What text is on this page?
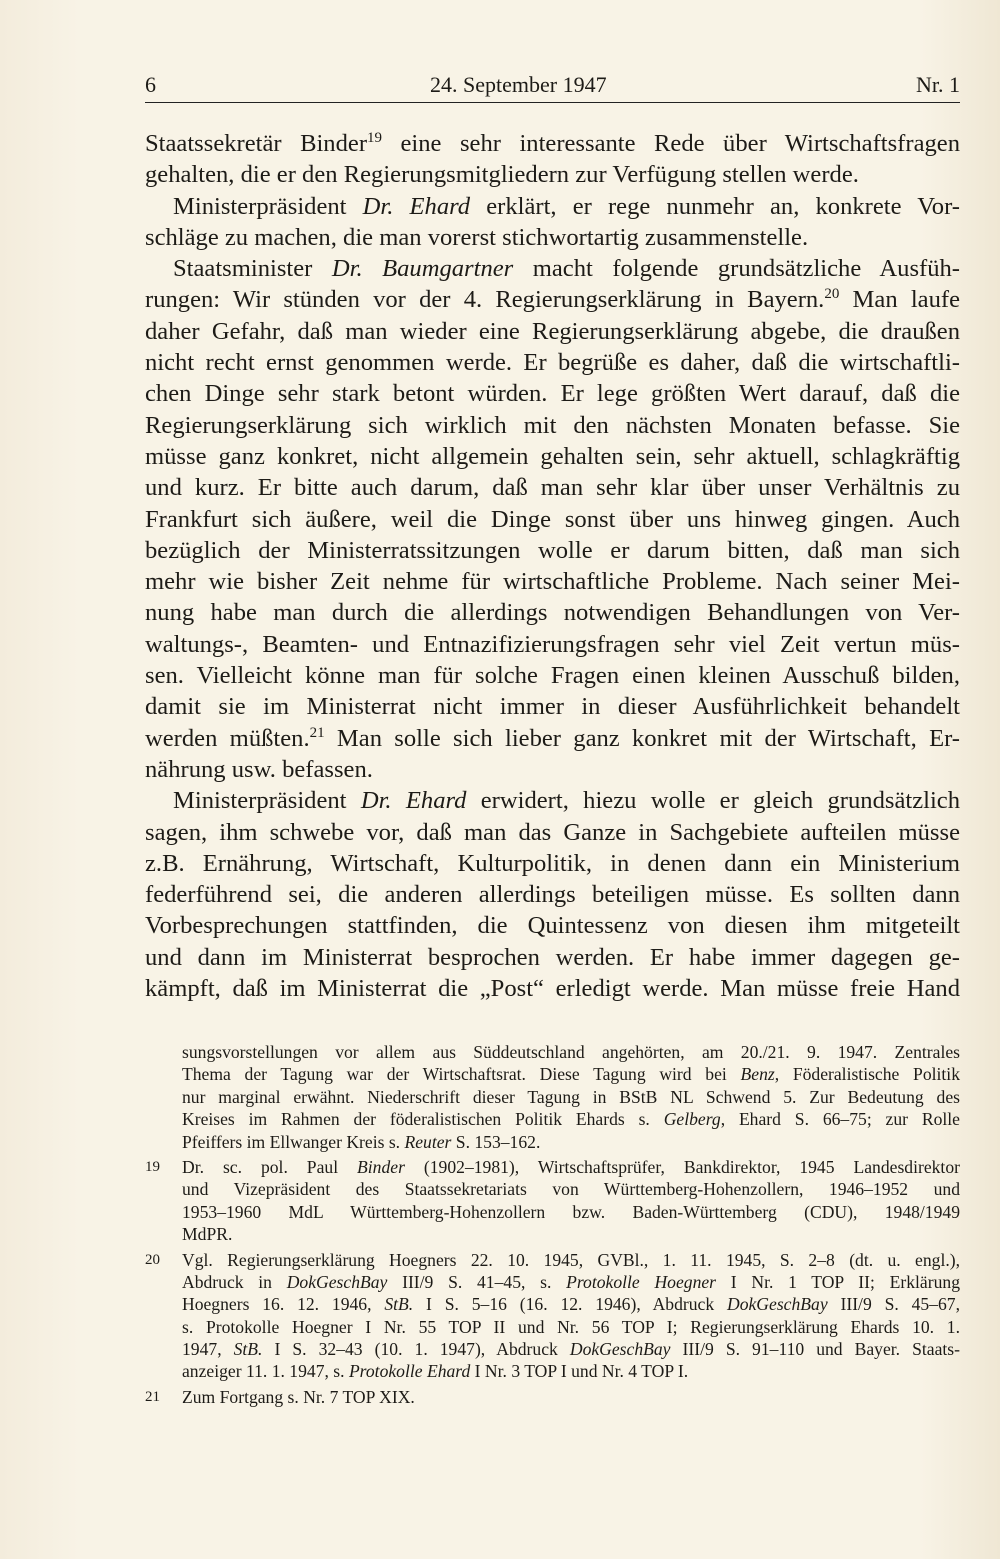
6	24. September 1947	Nr. 1
Staatssekretär Binder$^{19}$ eine sehr interessante Rede über Wirtschaftsfragen
gehalten, die er den Regierungsmitgliedern zur Verfügung stellen werde.
Ministerpräsident Dr. Ehard erklärt, er rege nunmehr an, konkrete Vor-
schläge zu machen, die man vorerst stichwortartig zusammenstelle.
Staatsminister Dr. Baumgartner macht folgende grundsätzliche Ausfüh-
rungen: Wir stünden vor der 4. Regierungserklärung in Bayern.$^{20}$ Man laufe
daher Gefahr, daß man wieder eine Regierungserklärung abgebe, die draußen
nicht recht ernst genommen werde. Er begrüße es daher, daß die wirtschaftli-
chen Dinge sehr stark betont würden. Er lege größten Wert darauf, daß die
Regierungserklärung sich wirklich mit den nächsten Monaten befasse. Sie
müsse ganz konkret, nicht allgemein gehalten sein, sehr aktuell, schlagkräftig
und kurz. Er bitte auch darum, daß man sehr klar über unser Verhältnis zu
Frankfurt sich äußere, weil die Dinge sonst über uns hinweg gingen. Auch
bezüglich der Ministerratssitzungen wolle er darum bitten, daß man sich
mehr wie bisher Zeit nehme für wirtschaftliche Probleme. Nach seiner Mei-
nung habe man durch die allerdings notwendigen Behandlungen von Ver-
waltungs-, Beamten- und Entnazifizierungsfragen sehr viel Zeit vertun müs-
sen. Vielleicht könne man für solche Fragen einen kleinen Ausschuß bilden,
damit sie im Ministerrat nicht immer in dieser Ausführlichkeit behandelt
werden müßten.$^{21}$ Man solle sich lieber ganz konkret mit der Wirtschaft, Er-
nährung usw. befassen.
Ministerpräsident Dr. Ehard erwidert, hiezu wolle er gleich grundsätzlich
sagen, ihm schwebe vor, daß man das Ganze in Sachgebiete aufteilen müsse
z.B. Ernährung, Wirtschaft, Kulturpolitik, in denen dann ein Ministerium
federführend sei, die anderen allerdings beteiligen müsse. Es sollten dann
Vorbesprechungen stattfinden, die Quintessenz von diesen ihm mitgeteilt
und dann im Ministerrat besprochen werden. Er habe immer dagegen ge-
kämpft, daß im Ministerrat die „Post“ erledigt werde. Man müsse freie Hand
sungsvorstellungen vor allem aus Süddeutschland angehörten, am 20./21. 9. 1947. Zentrales
Thema der Tagung war der Wirtschaftsrat. Diese Tagung wird bei Benz, Föderalistische Politik
nur marginal erwähnt. Niederschrift dieser Tagung in BStB NL Schwend 5. Zur Bedeutung des
Kreises im Rahmen der föderalistischen Politik Ehards s. Gelberg, Ehard S. 66–75; zur Rolle
Pfeiffers im Ellwanger Kreis s. Reuter S. 153–162.
19 Dr. sc. pol. Paul Binder (1902–1981), Wirtschaftsprüfer, Bankdirektor, 1945 Landesdirektor
und Vizepräsident des Staatssekretariats von Württemberg-Hohenzollern, 1946–1952 und
1953–1960 MdL Württemberg-Hohenzollern bzw. Baden-Württemberg (CDU), 1948/1949
MdPR.
20 Vgl. Regierungserklärung Hoegners 22. 10. 1945, GVBl., 1. 11. 1945, S. 2–8 (dt. u. engl.),
Abdruck in DokGeschBay III/9 S. 41–45, s. Protokolle Hoegner I Nr. 1 TOP II; Erklärung
Hoegners 16. 12. 1946, StB. I S. 5–16 (16. 12. 1946), Abdruck DokGeschBay III/9 S. 45–67,
s. Protokolle Hoegner I Nr. 55 TOP II und Nr. 56 TOP I; Regierungserklärung Ehards 10. 1.
1947, StB. I S. 32–43 (10. 1. 1947), Abdruck DokGeschBay III/9 S. 91–110 und Bayer. Staats-
anzeiger 11. 1. 1947, s. Protokolle Ehard I Nr. 3 TOP I und Nr. 4 TOP I.
21 Zum Fortgang s. Nr. 7 TOP XIX.
